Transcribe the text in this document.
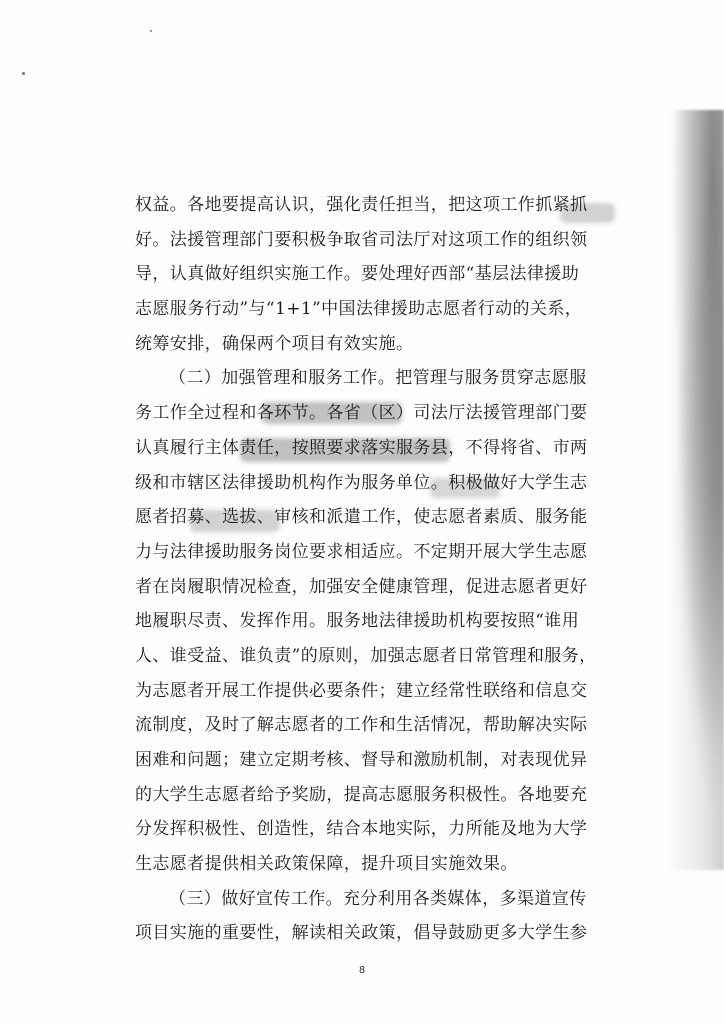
权益。各地要提高认识，强化责任担当，把这项工作抓紧抓
好。法援管理部门要积极争取省司法厅对这项工作的组织领
导，认真做好组织实施工作。要处理好西部“基层法律援助
志愿服务行动”与“1+1”中国法律援助志愿者行动的关系，
统筹安排，确保两个项目有效实施。
（二）加强管理和服务工作。把管理与服务贯穿志愿服
务工作全过程和各环节。各省（区）司法厅法援管理部门要
认真履行主体责任，按照要求落实服务县，不得将省、市两
级和市辖区法律援助机构作为服务单位。积极做好大学生志
愿者招募、选拔、审核和派遣工作，使志愿者素质、服务能
力与法律援助服务岗位要求相适应。不定期开展大学生志愿
者在岗履职情况检查，加强安全健康管理，促进志愿者更好
地履职尽责、发挥作用。服务地法律援助机构要按照“谁用
人、谁受益、谁负责”的原则，加强志愿者日常管理和服务，
为志愿者开展工作提供必要条件；建立经常性联络和信息交
流制度，及时了解志愿者的工作和生活情况，帮助解决实际
困难和问题；建立定期考核、督导和激励机制，对表现优异
的大学生志愿者给予奖励，提高志愿服务积极性。各地要充
分发挥积极性、创造性，结合本地实际，力所能及地为大学
生志愿者提供相关政策保障，提升项目实施效果。
（三）做好宣传工作。充分利用各类媒体，多渠道宣传
项目实施的重要性，解读相关政策，倡导鼓励更多大学生参
8
